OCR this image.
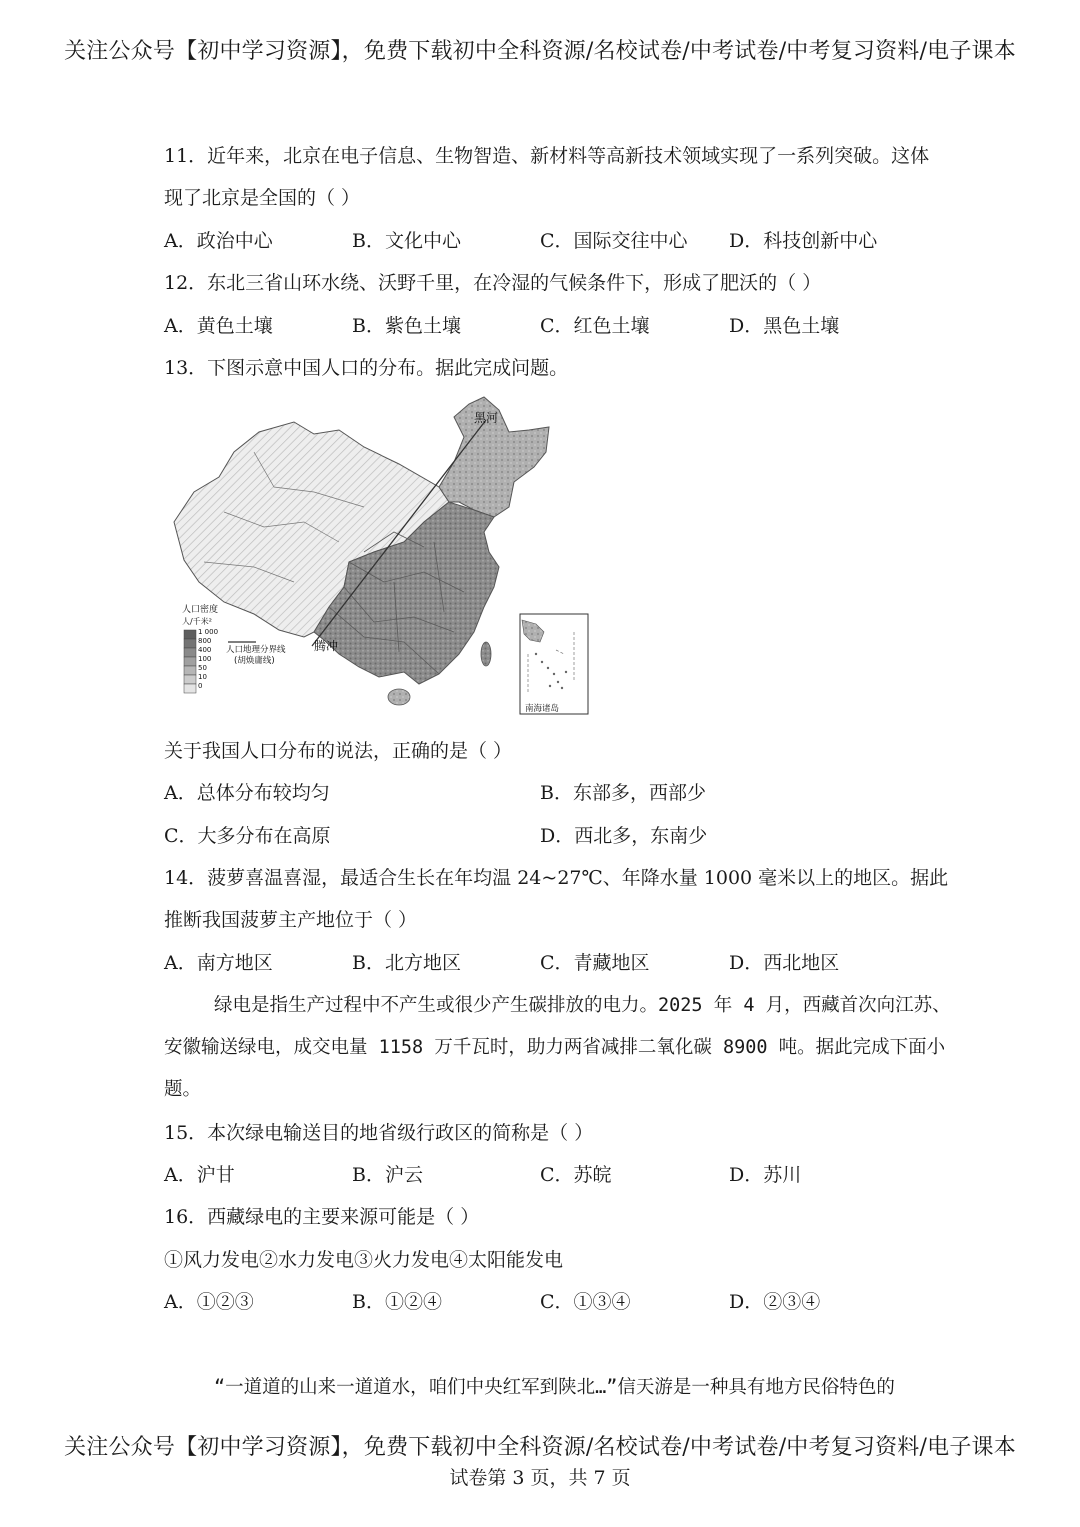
关注公众号【初中学习资源】，免费下载初中全科资源/名校试卷/中考试卷/中考复习资料/电子课本
11．近年来，北京在电子信息、生物智造、新材料等高新技术领域实现了一系列突破。这体
现了北京是全国的（ ）
A．政治中心	B．文化中心	C．国际交往中心 D．科技创新中心
12．东北三省山环水绕、沃野千里，在冷湿的气候条件下，形成了肥沃的（ ）
A．黄色土壤	B．紫色土壤	C．红色土壤	D．黑色土壤
13．下图示意中国人口的分布。据此完成问题。
黑河
腾冲
人口密度
人/千米²
1 000
800
400
100
50
10
0
人口地理分界线
(胡焕庸线)
南海诸岛
关于我国人口分布的说法，正确的是（ ）
A．总体分布较均匀	B．东部多，西部少
C．大多分布在高原	D．西北多，东南少
14．菠萝喜温喜湿，最适合生长在年均温 24~27℃、年降水量 1000 毫米以上的地区。据此
推断我国菠萝主产地位于（ ）
A．南方地区	B．北方地区	C．青藏地区	D．西北地区
绿电是指生产过程中不产生或很少产生碳排放的电力。2025 年 4 月，西藏首次向江苏、
安徽输送绿电，成交电量 1158 万千瓦时，助力两省减排二氧化碳 8900 吨。据此完成下面小
题。
15．本次绿电输送目的地省级行政区的简称是（ ）
A．沪甘	B．沪云	C．苏皖	D．苏川
16．西藏绿电的主要来源可能是（ ）
①风力发电②水力发电③火力发电④太阳能发电
A．①②③	B．①②④	C．①③④	D．②③④
“一道道的山来一道道水，咱们中央红军到陕北…”信天游是一种具有地方民俗特色的
关注公众号【初中学习资源】，免费下载初中全科资源/名校试卷/中考试卷/中考复习资料/电子课本
试卷第 3 页，共 7 页
